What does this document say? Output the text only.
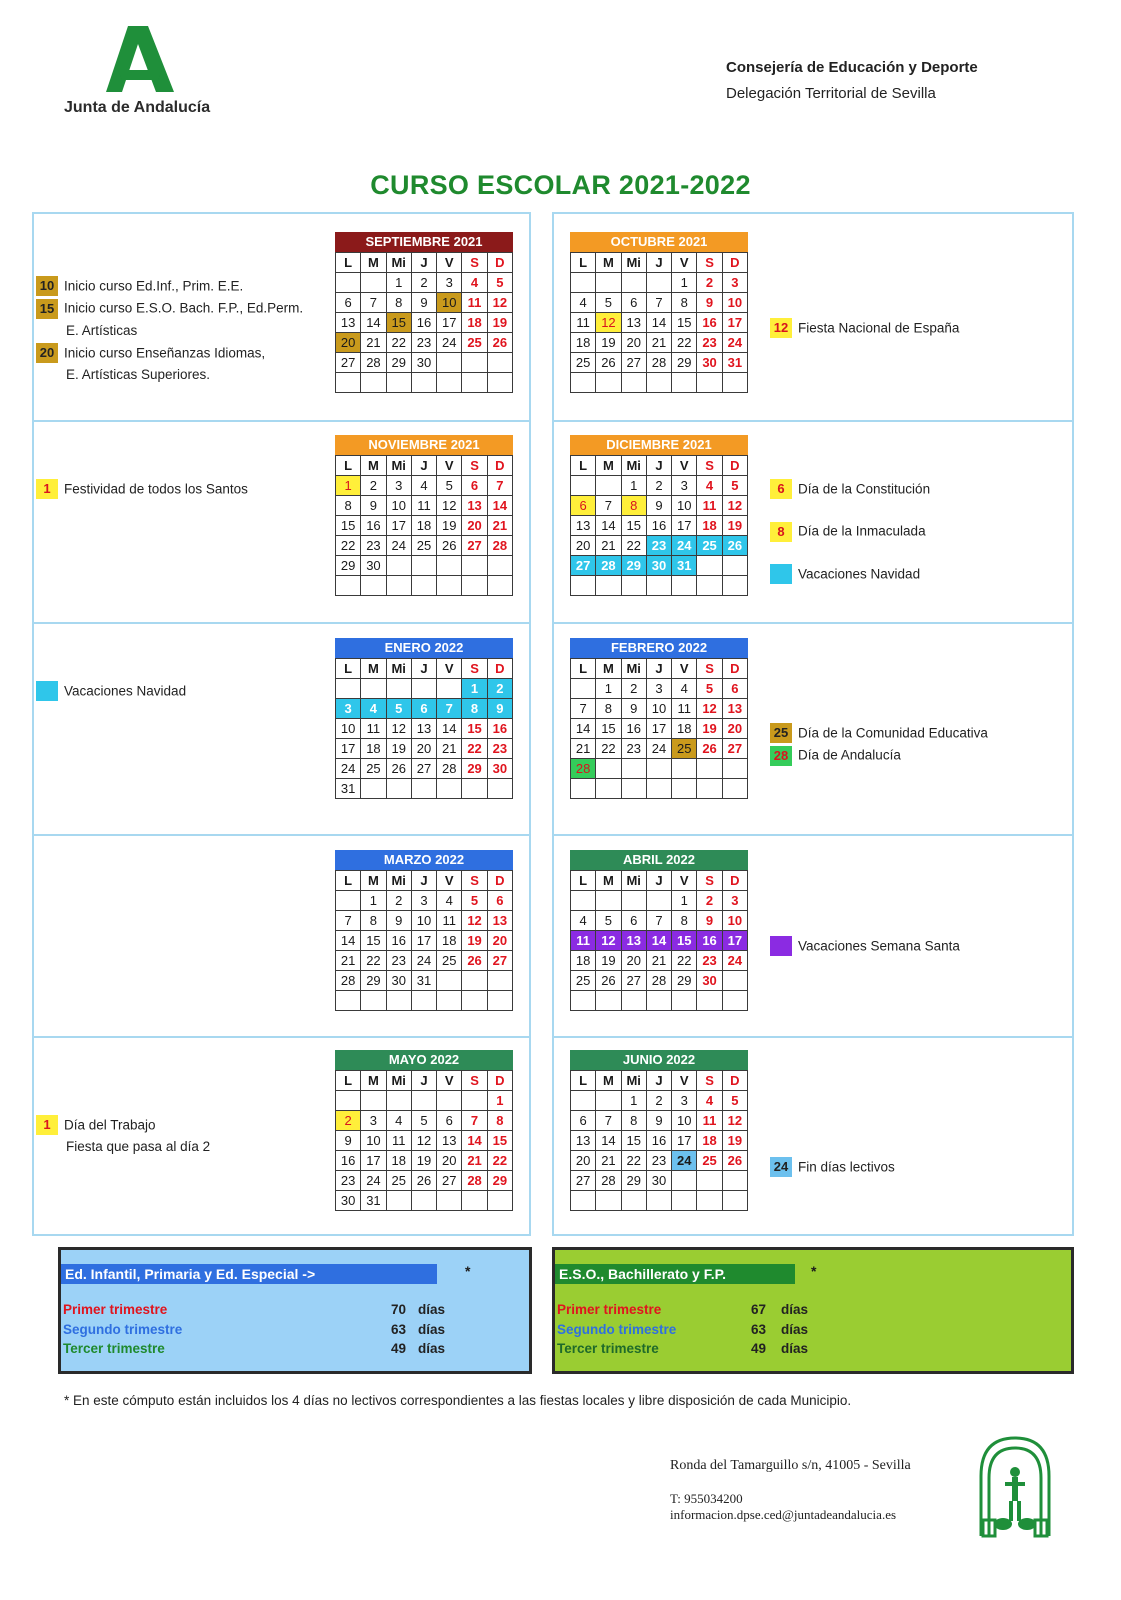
Junta de Andalucía
Consejería de Educación y Deporte
Delegación Territorial de Sevilla
CURSO ESCOLAR 2021-2022
SEPTIEMBRE 2021
L	M	Mi	J	V	S	D
		1	2	3	4	5
6	7	8	9	10	11	12
13	14	15	16	17	18	19
20	21	22	23	24	25	26
27	28	29	30			

OCTUBRE 2021
L	M	Mi	J	V	S	D
				1	2	3
4	5	6	7	8	9	10
11	12	13	14	15	16	17
18	19	20	21	22	23	24
25	26	27	28	29	30	31

NOVIEMBRE 2021
L	M	Mi	J	V	S	D
1	2	3	4	5	6	7
8	9	10	11	12	13	14
15	16	17	18	19	20	21
22	23	24	25	26	27	28
29	30					

DICIEMBRE 2021
L	M	Mi	J	V	S	D
		1	2	3	4	5
6	7	8	9	10	11	12
13	14	15	16	17	18	19
20	21	22	23	24	25	26
27	28	29	30	31		

ENERO 2022
L	M	Mi	J	V	S	D
					1	2
3	4	5	6	7	8	9
10	11	12	13	14	15	16
17	18	19	20	21	22	23
24	25	26	27	28	29	30
31						
FEBRERO 2022
L	M	Mi	J	V	S	D
	1	2	3	4	5	6
7	8	9	10	11	12	13
14	15	16	17	18	19	20
21	22	23	24	25	26	27
28						

MARZO 2022
L	M	Mi	J	V	S	D
	1	2	3	4	5	6
7	8	9	10	11	12	13
14	15	16	17	18	19	20
21	22	23	24	25	26	27
28	29	30	31			

ABRIL 2022
L	M	Mi	J	V	S	D
				1	2	3
4	5	6	7	8	9	10
11	12	13	14	15	16	17
18	19	20	21	22	23	24
25	26	27	28	29	30	

MAYO 2022
L	M	Mi	J	V	S	D
						1
2	3	4	5	6	7	8
9	10	11	12	13	14	15
16	17	18	19	20	21	22
23	24	25	26	27	28	29
30	31					
JUNIO 2022
L	M	Mi	J	V	S	D
		1	2	3	4	5
6	7	8	9	10	11	12
13	14	15	16	17	18	19
20	21	22	23	24	25	26
27	28	29	30			

10 Inicio curso Ed.Inf., Prim. E.E.
15 Inicio curso E.S.O. Bach. F.P., Ed.Perm.
E. Artísticas
20 Inicio curso Enseñanzas Idiomas,
E. Artísticas Superiores.
12 Fiesta Nacional de España
1 Festividad de todos los Santos	6 Día de la Constitución
8 Día de la Inmaculada
Vacaciones Navidad
Vacaciones Navidad
25 Día de la Comunidad Educativa
28 Día de Andalucía
Vacaciones Semana Santa
1 Día del Trabajo
Fiesta que pasa al día 2
24 Fin días lectivos
Ed. Infantil, Primaria y Ed. Especial ->	*
Primer trimestre	70 días
Segundo trimestre	63 días
Tercer trimestre	49 días
E.S.O., Bachillerato y F.P.	*
Primer trimestre	67 días
Segundo trimestre	63 días
Tercer trimestre	49 días
* En este cómputo están incluidos los 4 días no lectivos correspondientes a las fiestas locales y libre disposición de cada Municipio.
Ronda del Tamarguillo s/n, 41005 - Sevilla
T: 955034200
informacion.dpse.ced@juntadeandalucia.es
